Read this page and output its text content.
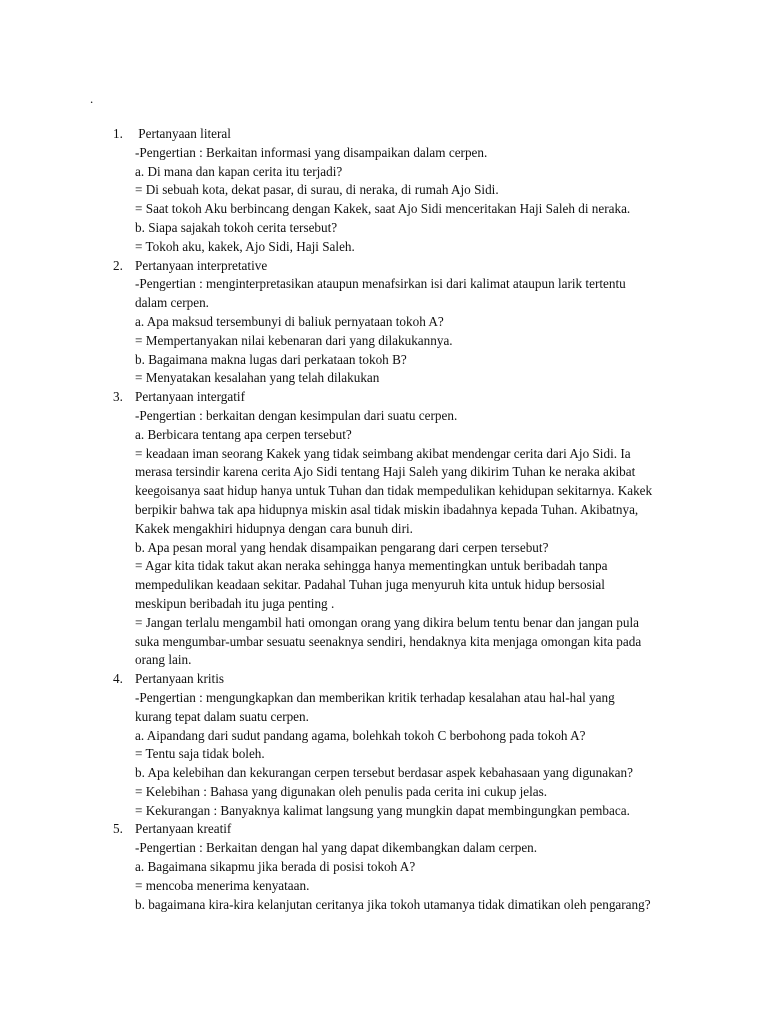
.
1. Pertanyaan literal
-Pengertian : Berkaitan informasi yang disampaikan dalam cerpen.
a. Di mana dan kapan cerita itu terjadi?
= Di sebuah kota, dekat pasar, di surau, di neraka, di rumah Ajo Sidi.
= Saat tokoh Aku berbincang dengan Kakek, saat Ajo Sidi menceritakan Haji Saleh di neraka.
b. Siapa sajakah tokoh cerita tersebut?
= Tokoh aku, kakek, Ajo Sidi, Haji Saleh.
2. Pertanyaan interpretative
-Pengertian : menginterpretasikan ataupun menafsirkan isi dari kalimat ataupun larik tertentu
dalam cerpen.
a. Apa maksud tersembunyi di baliuk pernyataan tokoh A?
= Mempertanyakan nilai kebenaran dari yang dilakukannya.
b. Bagaimana makna lugas dari perkataan tokoh B?
= Menyatakan kesalahan yang telah dilakukan
3. Pertanyaan intergatif
-Pengertian : berkaitan dengan kesimpulan dari suatu cerpen.
a. Berbicara tentang apa cerpen tersebut?
= keadaan iman seorang Kakek yang tidak seimbang akibat mendengar cerita dari Ajo Sidi. Ia
merasa tersindir karena cerita Ajo Sidi tentang Haji Saleh yang dikirim Tuhan ke neraka akibat
keegoisanya saat hidup hanya untuk Tuhan dan tidak mempedulikan kehidupan sekitarnya. Kakek
berpikir bahwa tak apa hidupnya miskin asal tidak miskin ibadahnya kepada Tuhan. Akibatnya,
Kakek mengakhiri hidupnya dengan cara bunuh diri.
b. Apa pesan moral yang hendak disampaikan pengarang dari cerpen tersebut?
= Agar kita tidak takut akan neraka sehingga hanya mementingkan untuk beribadah tanpa
mempedulikan keadaan sekitar. Padahal Tuhan juga menyuruh kita untuk hidup bersosial
meskipun beribadah itu juga penting .
= Jangan terlalu mengambil hati omongan orang yang dikira belum tentu benar dan jangan pula
suka mengumbar-umbar sesuatu seenaknya sendiri, hendaknya kita menjaga omongan kita pada
orang lain.
4. Pertanyaan kritis
-Pengertian : mengungkapkan dan memberikan kritik terhadap kesalahan atau hal-hal yang
kurang tepat dalam suatu cerpen.
a. Aipandang dari sudut pandang agama, bolehkah tokoh C berbohong pada tokoh A?
= Tentu saja tidak boleh.
b. Apa kelebihan dan kekurangan cerpen tersebut berdasar aspek kebahasaan yang digunakan?
= Kelebihan : Bahasa yang digunakan oleh penulis pada cerita ini cukup jelas.
= Kekurangan : Banyaknya kalimat langsung yang mungkin dapat membingungkan pembaca.
5. Pertanyaan kreatif
-Pengertian : Berkaitan dengan hal yang dapat dikembangkan dalam cerpen.
a. Bagaimana sikapmu jika berada di posisi tokoh A?
= mencoba menerima kenyataan.
b. bagaimana kira-kira kelanjutan ceritanya jika tokoh utamanya tidak dimatikan oleh pengarang?
